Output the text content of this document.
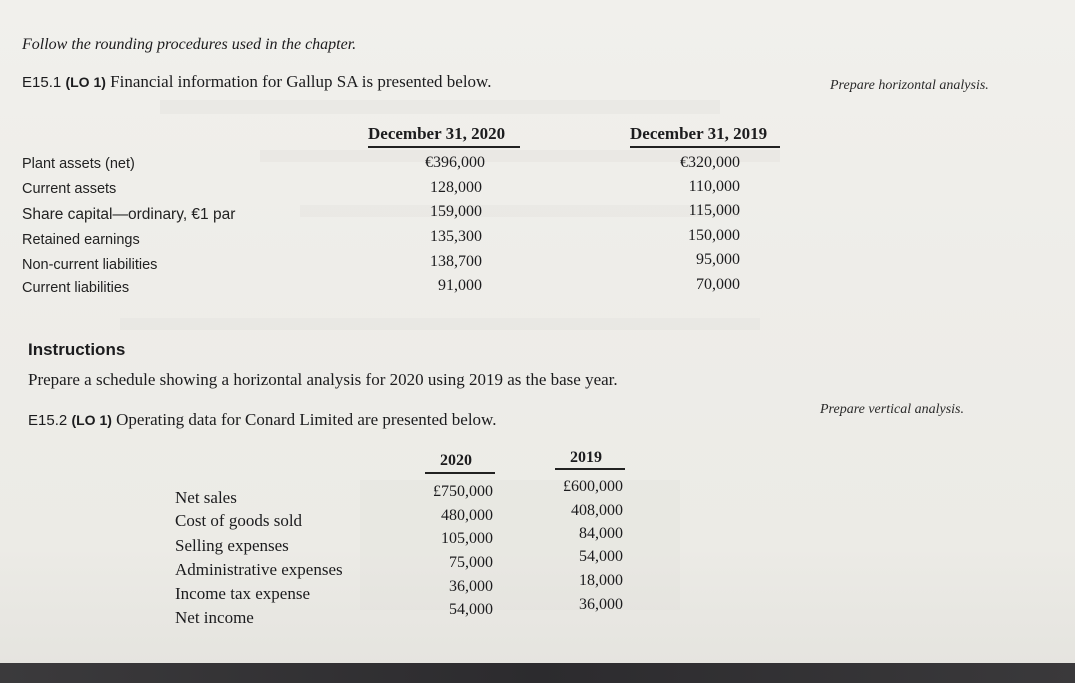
Follow the rounding procedures used in the chapter.
E15.1 (LO 1) Financial information for Gallup SA is presented below.	Prepare horizontal analysis.
December 31, 2020	December 31, 2019
Plant assets (net)	€396,000	€320,000
Current assets	128,000	110,000
Share capital—ordinary, €1 par	159,000	115,000
Retained earnings	135,300	150,000
Non-current liabilities	138,700	95,000
Current liabilities	91,000	70,000
Instructions
Prepare a schedule showing a horizontal analysis for 2020 using 2019 as the base year.
E15.2 (LO 1) Operating data for Conard Limited are presented below.
Prepare vertical analysis.
2020	2019
Net sales	£750,000	£600,000
Cost of goods sold	480,000	408,000
Selling expenses	105,000	84,000
Administrative expenses	75,000	54,000
Income tax expense	36,000	18,000
Net income	54,000	36,000
